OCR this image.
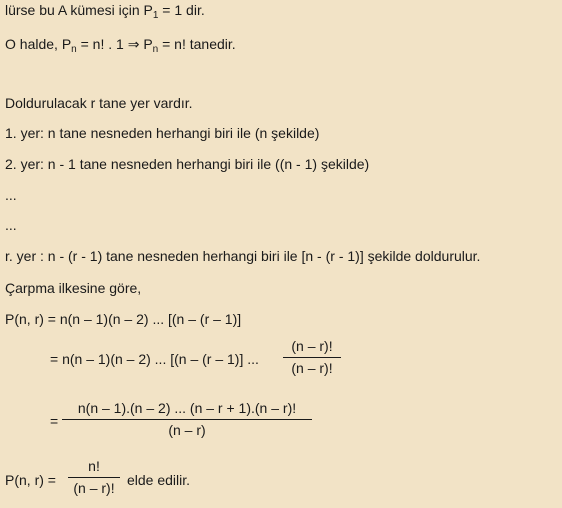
lürse bu A kümesi için $P_1 = 1$ dir.
O halde, $P_n = n$! . 1 ⇒ $P_n = n$! tanedir.
Doldurulacak r tane yer vardır.
1. yer: n tane nesneden herhangi biri ile (n şekilde)
2. yer: n - 1 tane nesneden herhangi biri ile ((n - 1) şekilde)
...
...
r. yer : n - (r - 1) tane nesneden herhangi biri ile [n - (r - 1)] şekilde doldurulur.
Çarpma ilkesine göre,
P(n, r) = n(n – 1)(n – 2) ... [(n – (r – 1)]
= n(n – 1)(n – 2) ... [(n – (r – 1)] ...
(n – r)!
(n – r)!
=
n(n – 1).(n – 2) ... (n – r + 1).(n – r)!
(n – r)
P(n, r) =
n!
(n – r)! elde edilir.
